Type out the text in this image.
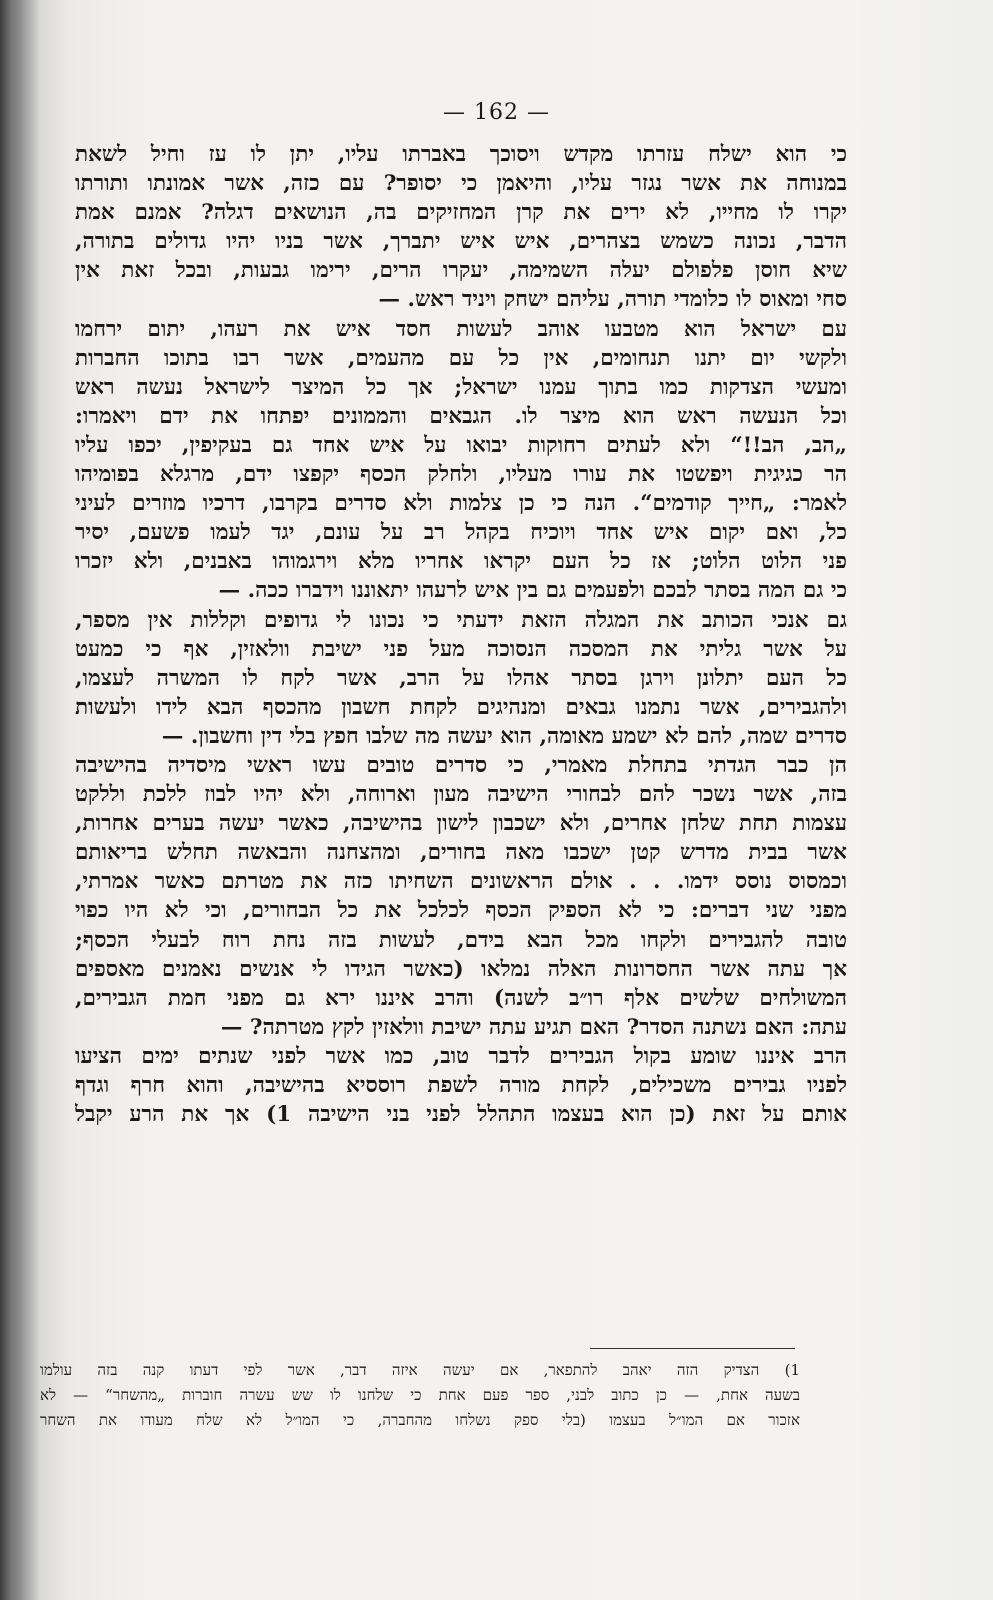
— 162 —
כי הוא ישלח עזרתו מקדש ויסוכך באברתו עליו, יתן לו עז וחיל לשאת
במנוחה את אשר נגזר עליו, והיאמן כי יסופר? עם כזה, אשר אמונתו ותורתו
יקרו לו מחייו, לא ירים את קרן המחזיקים בה, הנושאים דגלה? אמנם אמת
הדבר, נכונה כשמש בצהרים, איש איש יתברך, אשר בניו יהיו גדולים בתורה,
שיא חוסן פלפולם יעלה השמימה, יעקרו הרים, ירימו גבעות, ובכל זאת אין
סחי ומאוס לו כלומדי תורה, עליהם ישחק ויניד ראש. —
עם ישראל הוא מטבעו אוהב לעשות חסד איש את רעהו, יתום ירחמו
ולקשי יום יתנו תנחומים, אין כל עם מהעמים, אשר רבו בתוכו החברות
ומעשי הצדקות כמו בתוך עמנו ישראל; אך כל המיצר לישראל נעשה ראש
וכל הנעשה ראש הוא מיצר לו. הגבאים והממונים יפתחו את ידם ויאמרו:
„הב, הב!!“ ולא לעתים רחוקות יבואו על איש אחד גם בעקיפין, יכפו עליו
הר כגיגית ויפשטו את עורו מעליו, ולחלק הכסף יקפצו ידם, מרגלא בפומיהו
לאמר: „חייך קודמים“. הנה כי כן צלמות ולא סדרים בקרבו, דרכיו מוזרים לעיני
כל, ואם יקום איש אחד ויוכיח בקהל רב על עונם, יגד לעמו פשעם, יסיר
פני הלוט הלוט; אז כל העם יקראו אחריו מלא וירגמוהו באבנים, ולא יזכרו
כי גם המה בסתר לבכם ולפעמים גם בין איש לרעהו יתאוננו וידברו ככה. —
גם אנכי הכותב את המגלה הזאת ידעתי כי נכונו לי גדופים וקללות אין מספר,
על אשר גליתי את המסכה הנסוכה מעל פני ישיבת וולאזין, אף כי כמעט
כל העם יתלונן וירגן בסתר אהלו על הרב, אשר לקח לו המשרה לעצמו,
ולהגבירים, אשר נתמנו גבאים ומנהיגים לקחת חשבון מהכסף הבא לידו ולעשות
סדרים שמה, להם לא ישמע מאומה, הוא יעשה מה שלבו חפץ בלי דין וחשבון. —
הן כבר הגדתי בתחלת מאמרי, כי סדרים טובים עשו ראשי מיסדיה בהישיבה
בזה, אשר נשכר להם לבחורי הישיבה מעון וארוחה, ולא יהיו לבוז ללכת וללקט
עצמות תחת שלחן אחרים, ולא ישכבון לישון בהישיבה, כאשר יעשה בערים אחרות,
אשר בבית מדרש קטן ישכבו מאה בחורים, ומהצחנה והבאשה תחלש בריאותם
וכמסוס נוסס ידמו. . . אולם הראשונים השחיתו כזה את מטרתם כאשר אמרתי,
מפני שני דברים: כי לא הספיק הכסף לכלכל את כל הבחורים, וכי לא היו כפוי
טובה להגבירים ולקחו מכל הבא בידם, לעשות בזה נחת רוח לבעלי הכסף;
אך עתה אשר החסרונות האלה נמלאו (כאשר הגידו לי אנשים נאמנים מאספים
המשולחים שלשים אלף רו״ב לשנה) והרב איננו ירא גם מפני חמת הגבירים,
עתה: האם נשתנה הסדר? האם תגיע עתה ישיבת וולאזין לקץ מטרתה? —
הרב איננו שומע בקול הגבירים לדבר טוב, כמו אשר לפני שנתים ימים הציעו
לפניו גבירים משכילים, לקחת מורה לשפת רוססיא בהישיבה, והוא חרף וגדף
אותם על זאת (כן הוא בעצמו התהלל לפני בני הישיבה 1) אך את הרע יקבל
1) הצדיק הזה יאהב להתפאר, אם יעשה איזה דבר, אשר לפי דעתו קנה בזה עולמו
בשעה אחת, — כן כתוב לבני, ספר פעם אחת כי שלחנו לו שש עשרה חוברות „מהשחר“ — לא
אזכור אם המו״ל בעצמו (בלי ספק נשלחו מהחברה, כי המו״ל לא שלח מעודו את השחר
